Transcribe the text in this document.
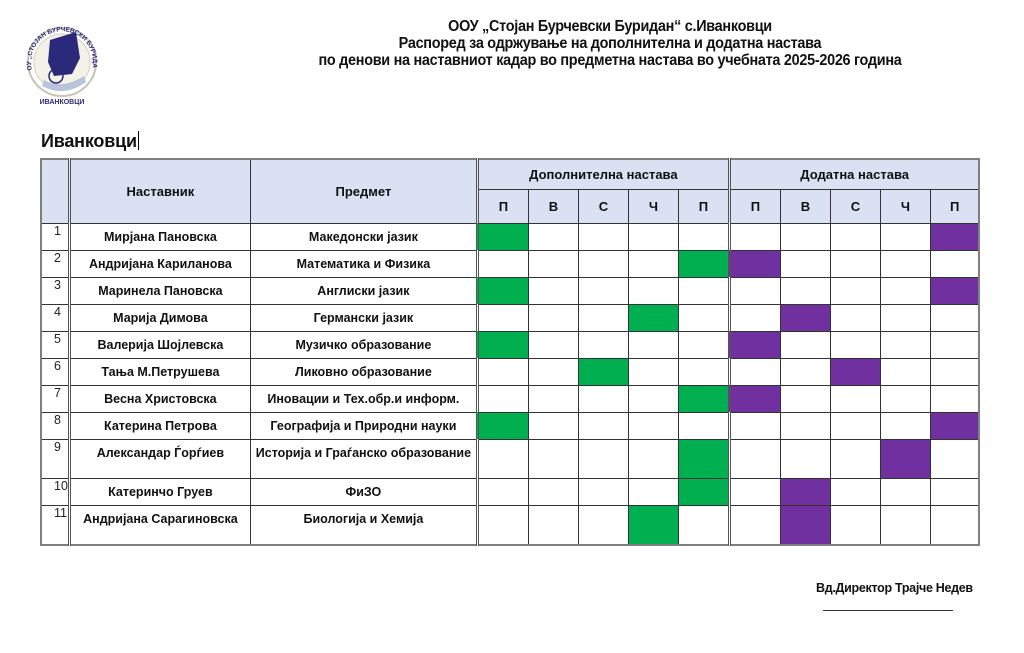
ИВАНКОВЦИ
ОУ „СТОЈАН БУРЧЕВСКИ БУРИДА
ООУ „Стојан Бурчевски Буридан“ с.Иванковци
Распоред за одржување на дополнителна и додатна настава
по денови на наставниот кадар во предметна настава во учебната 2025-2026 година
Иванковци
	Наставник	Предмет	Дополнителна настава					Додатна настава				
			П	В	С	Ч	П	П	В	С	Ч	П
1	Мирјана Пановска	Македонски јазик										
2	Андријана Карилaнова	Математика и Физика										
3	Маринела Пановска	Англиски јазик										
4	Марија Димова	Германски јазик										
5	Валерија Шојлевска	Музичко образование										
6	Тања М.Петрушева	Ликовно образование										
7	Весна Христовска	Иновации и Тех.обр.и информ.										
8	Катерина Петрова	Географија и Природни науки										
9	Александар Ѓорѓиев	Историја и Граѓанско образование										
10	Катеринчо Груев	ФиЗО										
11	Андријана Сарагиновска	Биологија и Хемија										
Вд.Директор Трајче Недев
